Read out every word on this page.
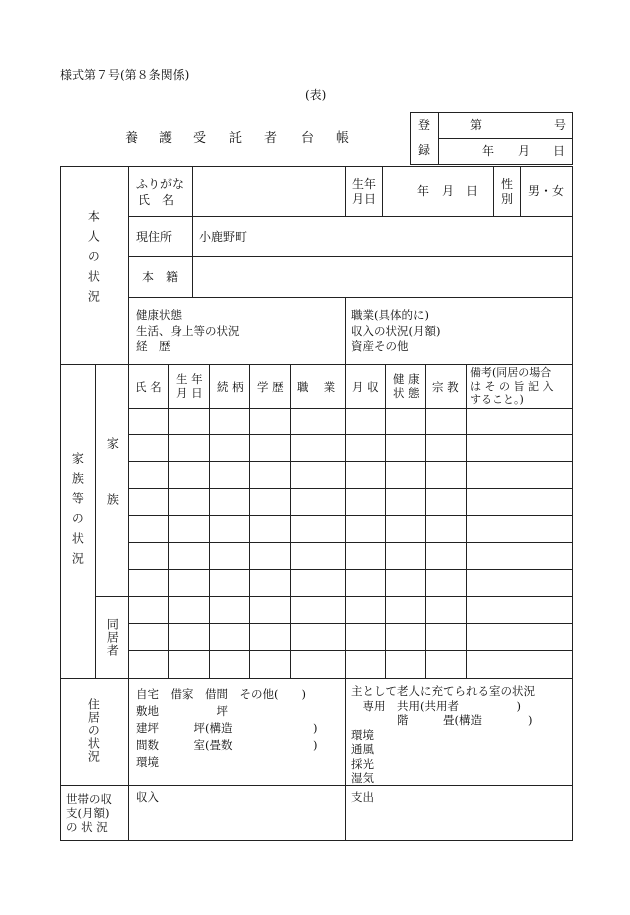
様式第７号(第８条関係)
(表)
養 護 受 託 者 台 帳
登
録
第	号
年 月 日
本人の状況
ふりがな
氏　名
生年
月日
年 月 日 性
別
男・女
現住所 小鹿野町
本　籍
健康状態
生活、身上等の状況
経　歴
職業(具体的に)
収入の状況(月額)
資産その他
家族等の状況 家族
同居者
氏 名
生 年
月 日 続 柄 学 歴 職　 業 月 収
健 康
状 態 宗 教
備考(同居の場合
は そ の 旨 記 入
すること。)
住居の状況
自宅　借家　借間　その他(　　)
敷地　　　　　坪
建坪　　　坪(構造　　　　　　　)
間数　　　室(畳数　　　　　　　)
環境
主として老人に充てられる室の状況
　専用　共用(共用者　　　　　)
　　　　階　　　畳(構造　　　　)
環境
通風
採光
湿気
世帯の収
支(月額)
の 状 況
収入	支出
